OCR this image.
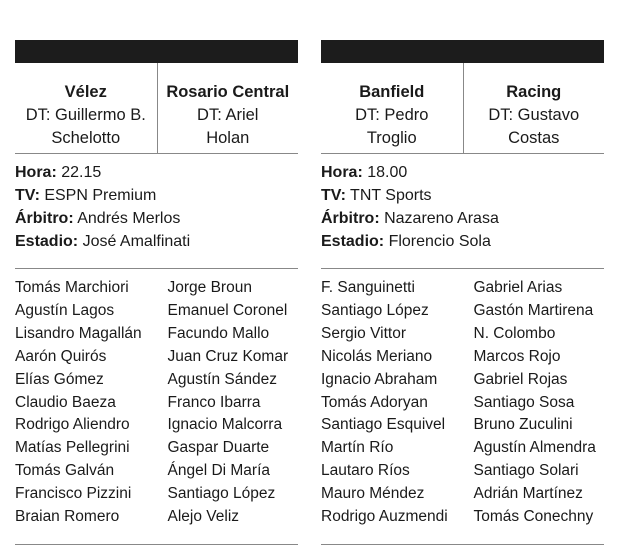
Vélez
DT: Guillermo B.
Schelotto
Rosario Central
DT: Ariel
Holan
Hora: 22.15
TV: ESPN Premium
Árbitro: Andrés Merlos
Estadio: José Amalfinati
Tomás Marchiori
Agustín Lagos
Lisandro Magallán
Aarón Quirós
Elías Gómez
Claudio Baeza
Rodrigo Aliendro
Matías Pellegrini
Tomás Galván
Francisco Pizzini
Braian Romero
Jorge Broun
Emanuel Coronel
Facundo Mallo
Juan Cruz Komar
Agustín Sández
Franco Ibarra
Ignacio Malcorra
Gaspar Duarte
Ángel Di María
Santiago López
Alejo Veliz
Banfield
DT: Pedro
Troglio
Racing
DT: Gustavo
Costas
Hora: 18.00
TV: TNT Sports
Árbitro: Nazareno Arasa
Estadio: Florencio Sola
F. Sanguinetti
Santiago López
Sergio Vittor
Nicolás Meriano
Ignacio Abraham
Tomás Adoryan
Santiago Esquivel
Martín Río
Lautaro Ríos
Mauro Méndez
Rodrigo Auzmendi
Gabriel Arias
Gastón Martirena
N. Colombo
Marcos Rojo
Gabriel Rojas
Santiago Sosa
Bruno Zuculini
Agustín Almendra
Santiago Solari
Adrián Martínez
Tomás Conechny
